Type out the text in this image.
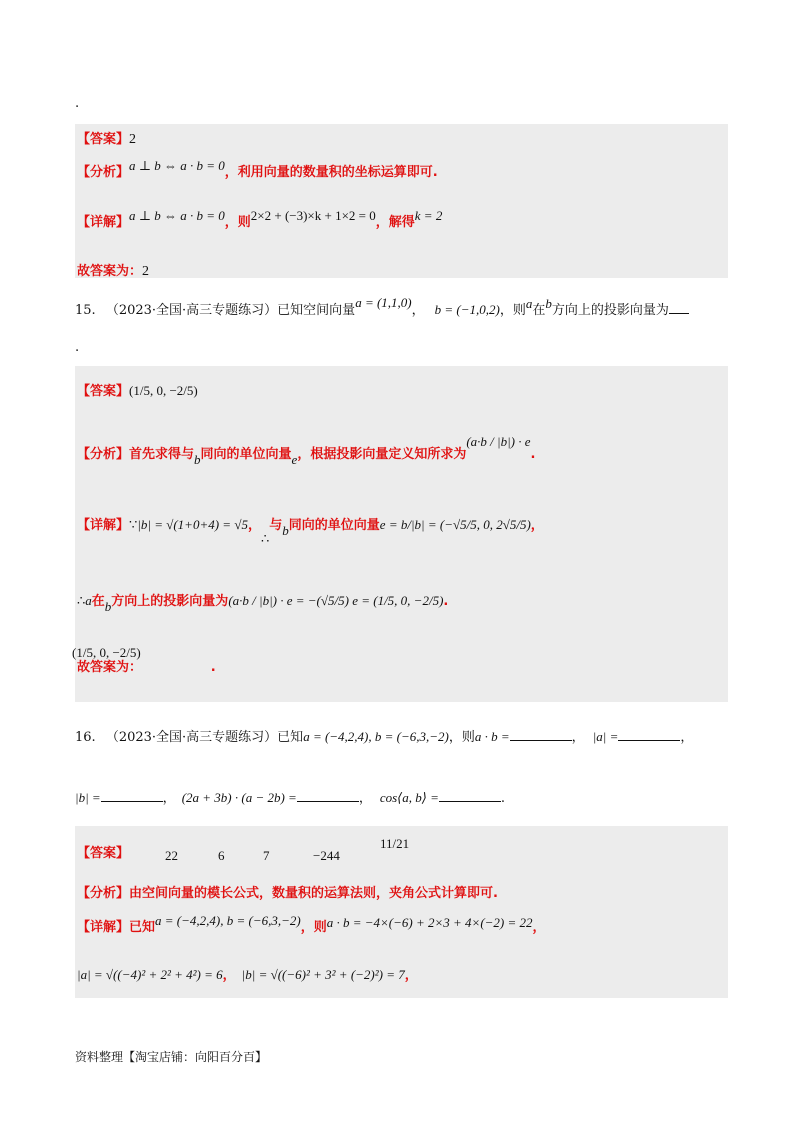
.
【答案】2
【分析】a ⊥ b ⇔ a · b = 0，利用向量的数量积的坐标运算即可.
【详解】a ⊥ b ⇔ a · b = 0，则2×2 + (−3)×k + 1×2 = 0，解得k = 2
故答案为：2
15. （2023·全国·高三专题练习）已知空间向量a = (1,1,0)， b = (−1,0,2)，则a在b方向上的投影向量为
.
【答案】(1/5, 0, −2/5)
【分析】首先求得与b同向的单位向量e，根据投影向量定义知所求为(a·b / |b|) · e.
【详解】∵|b| = √(1+0+4) = √5，∴与b同向的单位向量e = b/|b| = (−√5/5, 0, 2√5/5)，
∴a在b方向上的投影向量为(a·b / |b|) · e = −(√5/5) e = (1/5, 0, −2/5).
故答案为：(1/5, 0, −2/5).
16. （2023·全国·高三专题练习）已知a = (−4,2,4), b = (−6,3,−2)，则a · b =	， |a| =	，
|b| =	， (2a + 3b) · (a − 2b) =	， cos⟨a, b⟩ =	.
【答案】	22	6	7	−244
11/21
【分析】由空间向量的模长公式，数量积的运算法则，夹角公式计算即可.
【详解】已知a = (−4,2,4), b = (−6,3,−2)，则a · b = −4×(−6) + 2×3 + 4×(−2) = 22，
|a| = √((−4)² + 2² + 4²) = 6， |b| = √((−6)² + 3² + (−2)²) = 7，
资料整理【淘宝店铺：向阳百分百】
